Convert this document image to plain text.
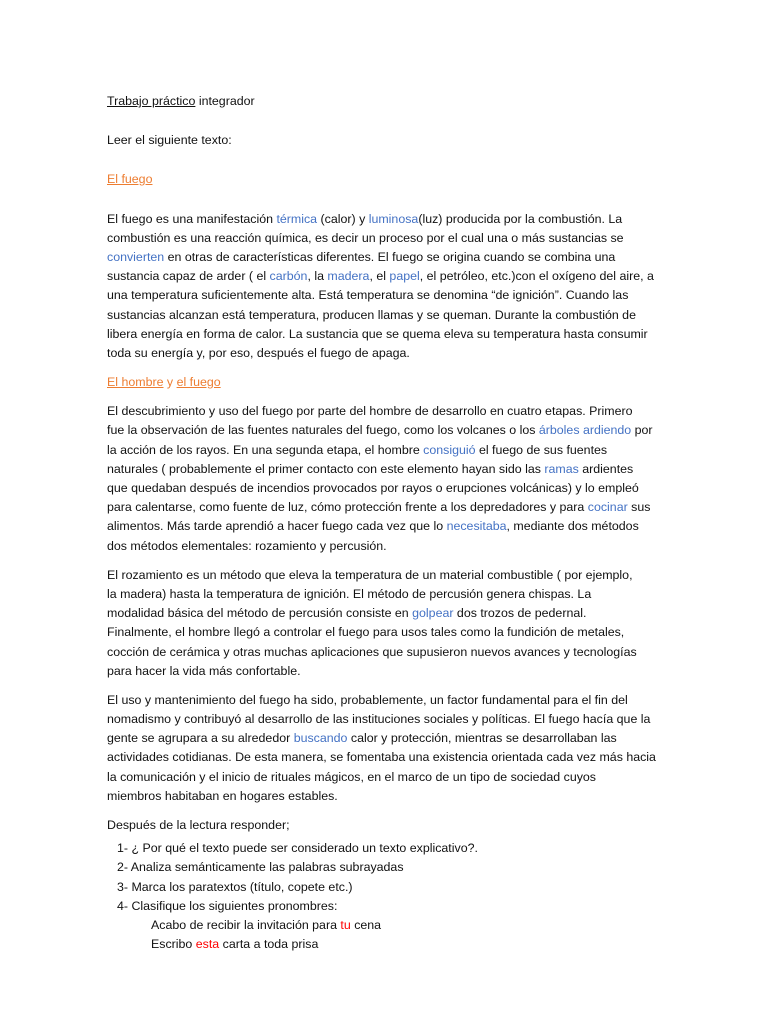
Trabajo práctico integrador
Leer el siguiente texto:
El fuego
El fuego es una manifestación térmica (calor) y luminosa(luz) producida por la combustión. La
combustión es una reacción química, es decir un proceso por el cual una o más sustancias se
convierten en otras de características diferentes. El fuego se origina cuando se combina una
sustancia capaz de arder ( el carbón, la madera, el papel, el petróleo, etc.)con el oxígeno del aire, a
una temperatura suficientemente alta. Está temperatura se denomina “de ignición”. Cuando las
sustancias alcanzan está temperatura, producen llamas y se queman. Durante la combustión de
libera energía en forma de calor. La sustancia que se quema eleva su temperatura hasta consumir
toda su energía y, por eso, después el fuego de apaga.
El hombre y el fuego
El descubrimiento y uso del fuego por parte del hombre de desarrollo en cuatro etapas. Primero
fue la observación de las fuentes naturales del fuego, como los volcanes o los árboles ardiendo por
la acción de los rayos. En una segunda etapa, el hombre consiguió el fuego de sus fuentes
naturales ( probablemente el primer contacto con este elemento hayan sido las ramas ardientes
que quedaban después de incendios provocados por rayos o erupciones volcánicas) y lo empleó
para calentarse, como fuente de luz, cómo protección frente a los depredadores y para cocinar sus
alimentos. Más tarde aprendió a hacer fuego cada vez que lo necesitaba, mediante dos métodos
dos métodos elementales: rozamiento y percusión.
El rozamiento es un método que eleva la temperatura de un material combustible ( por ejemplo,
la madera) hasta la temperatura de ignición. El método de percusión genera chispas. La
modalidad básica del método de percusión consiste en golpear dos trozos de pedernal.
Finalmente, el hombre llegó a controlar el fuego para usos tales como la fundición de metales,
cocción de cerámica y otras muchas aplicaciones que supusieron nuevos avances y tecnologías
para hacer la vida más confortable.
El uso y mantenimiento del fuego ha sido, probablemente, un factor fundamental para el fin del
nomadismo y contribuyó al desarrollo de las instituciones sociales y políticas. El fuego hacía que la
gente se agrupara a su alrededor buscando calor y protección, mientras se desarrollaban las
actividades cotidianas. De esta manera, se fomentaba una existencia orientada cada vez más hacia
la comunicación y el inicio de rituales mágicos, en el marco de un tipo de sociedad cuyos
miembros habitaban en hogares estables.
Después de la lectura responder;
1- ¿ Por qué el texto puede ser considerado un texto explicativo?.
2- Analiza semánticamente las palabras subrayadas
3- Marca los paratextos (título, copete etc.)
4- Clasifique los siguientes pronombres:
Acabo de recibir la invitación para tu cena
Escribo esta carta a toda prisa
